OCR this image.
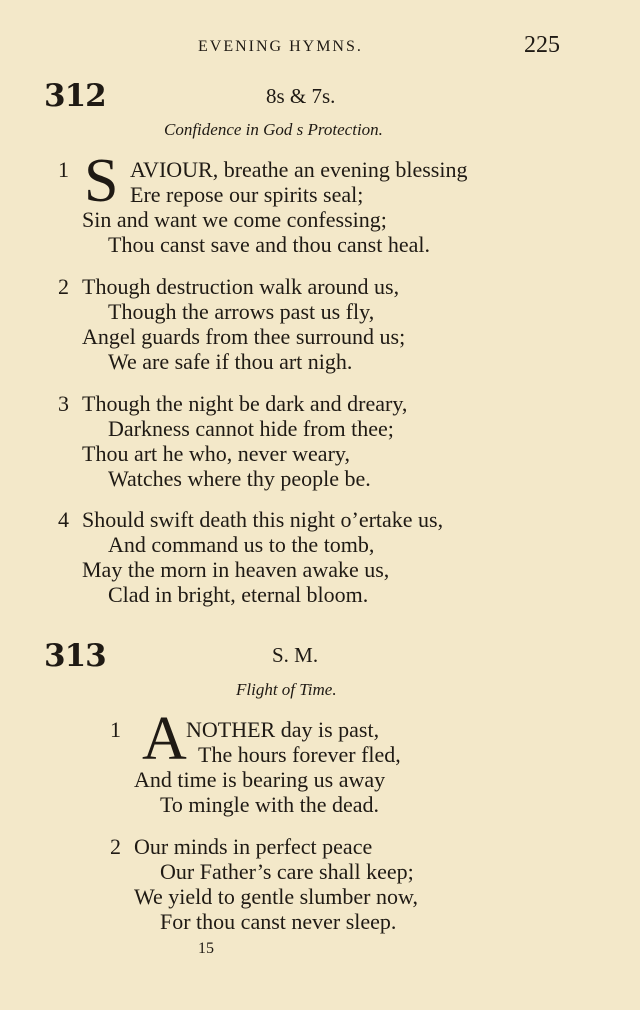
EVENING HYMNS.	225
312	8s & 7s.
Confidence in God s Protection.
1 S AVIOUR, breathe an evening blessing
Ere repose our spirits seal;
Sin and want we come confessing;
Thou canst save and thou canst heal.
2 Though destruction walk around us,
Though the arrows past us fly,
Angel guards from thee surround us;
We are safe if thou art nigh.
3 Though the night be dark and dreary,
Darkness cannot hide from thee;
Thou art he who, never weary,
Watches where thy people be.
4 Should swift death this night o’ertake us,
And command us to the tomb,
May the morn in heaven awake us,
Clad in bright, eternal bloom.
313	S. M.
Flight of Time.
1 A NOTHER day is past,
The hours forever fled,
And time is bearing us away
To mingle with the dead.
2 Our minds in perfect peace
Our Father’s care shall keep;
We yield to gentle slumber now,
For thou canst never sleep.
15
